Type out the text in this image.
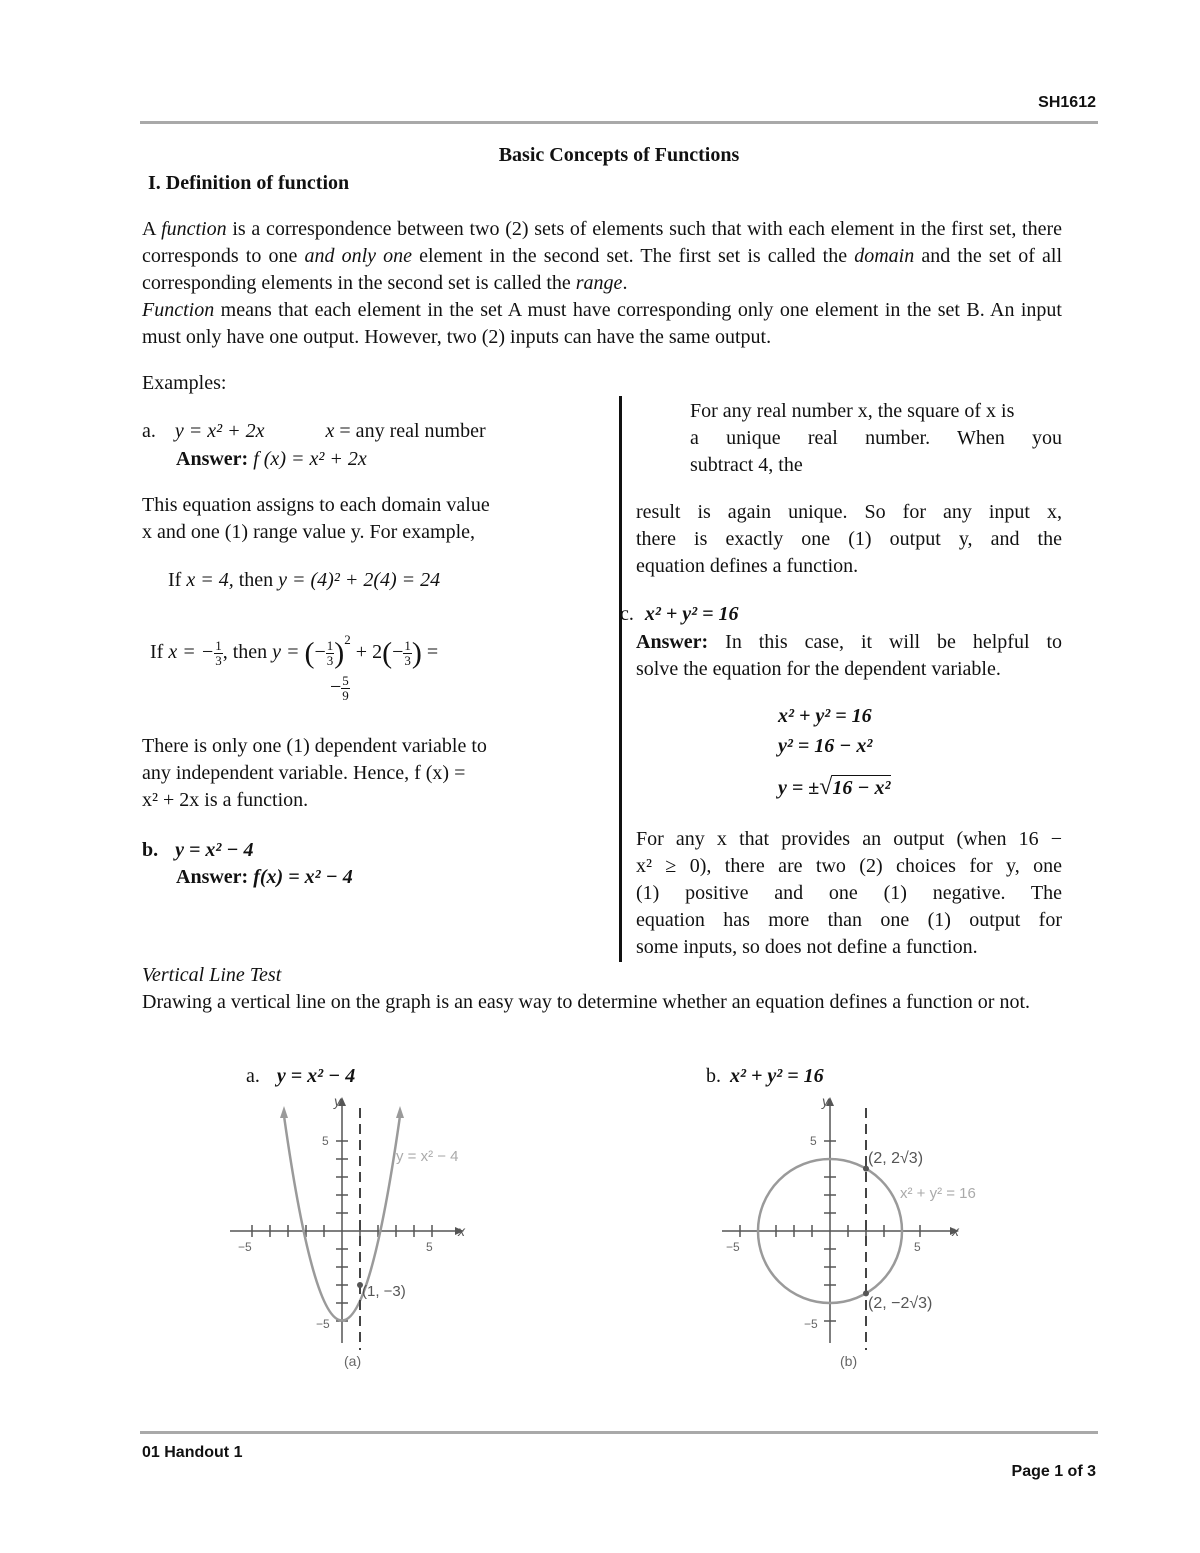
SH1612
Basic Concepts of Functions
I. Definition of function
A function is a correspondence between two (2) sets of elements such that with each element in the first set, there corresponds to one and only one element in the second set. The first set is called the domain and the set of all corresponding elements in the second set is called the range.
Function means that each element in the set A must have corresponding only one element in the set B. An input must only have one output. However, two (2) inputs can have the same output.
Examples:
a. y = x² + 2x	x = any real number
Answer: f (x) = x² + 2x
This equation assigns to each domain value
x and one (1) range value y. For example,
If x = 4, then y = (4)² + 2(4) = 24
If x = − $\frac{1}{3}$ , then y = (− $\frac{1}{3} )^2 + 2(- \frac{1}{3}$ ) =
− $\frac{5}{9}$
There is only one (1) dependent variable to
any independent variable. Hence, f (x) =
x² + 2x is a function.
b. y = x² − 4
Answer: f(x) = x² − 4
For any real number x, the square of x is
a unique real number. When you
subtract 4, the
result is again unique. So for any input x,
there is exactly one (1) output y, and the
equation defines a function.
c. x² + y² = 16
Answer: In this case, it will be helpful to
solve the equation for the dependent variable.
x² + y² = 16
y² = 16 − x²
y = ±√16 − x²
For any x that provides an output (when 16 −
x² ≥ 0), there are two (2) choices for y, one
(1) positive and one (1) negative. The
equation has more than one (1) output for
some inputs, so does not define a function.
Vertical Line Test
Drawing a vertical line on the graph is an easy way to determine whether an equation defines a function or not.
a. y = x² − 4	b. x² + y² = 16
−5	5
5
−5
x
y
y = x² − 4
(1, −3)
(a)
−5	5
5
−5
x
y
(2, 2√3)
x² + y² = 16
(2, −2√3)
(b)
01 Handout 1
Page 1 of 3
